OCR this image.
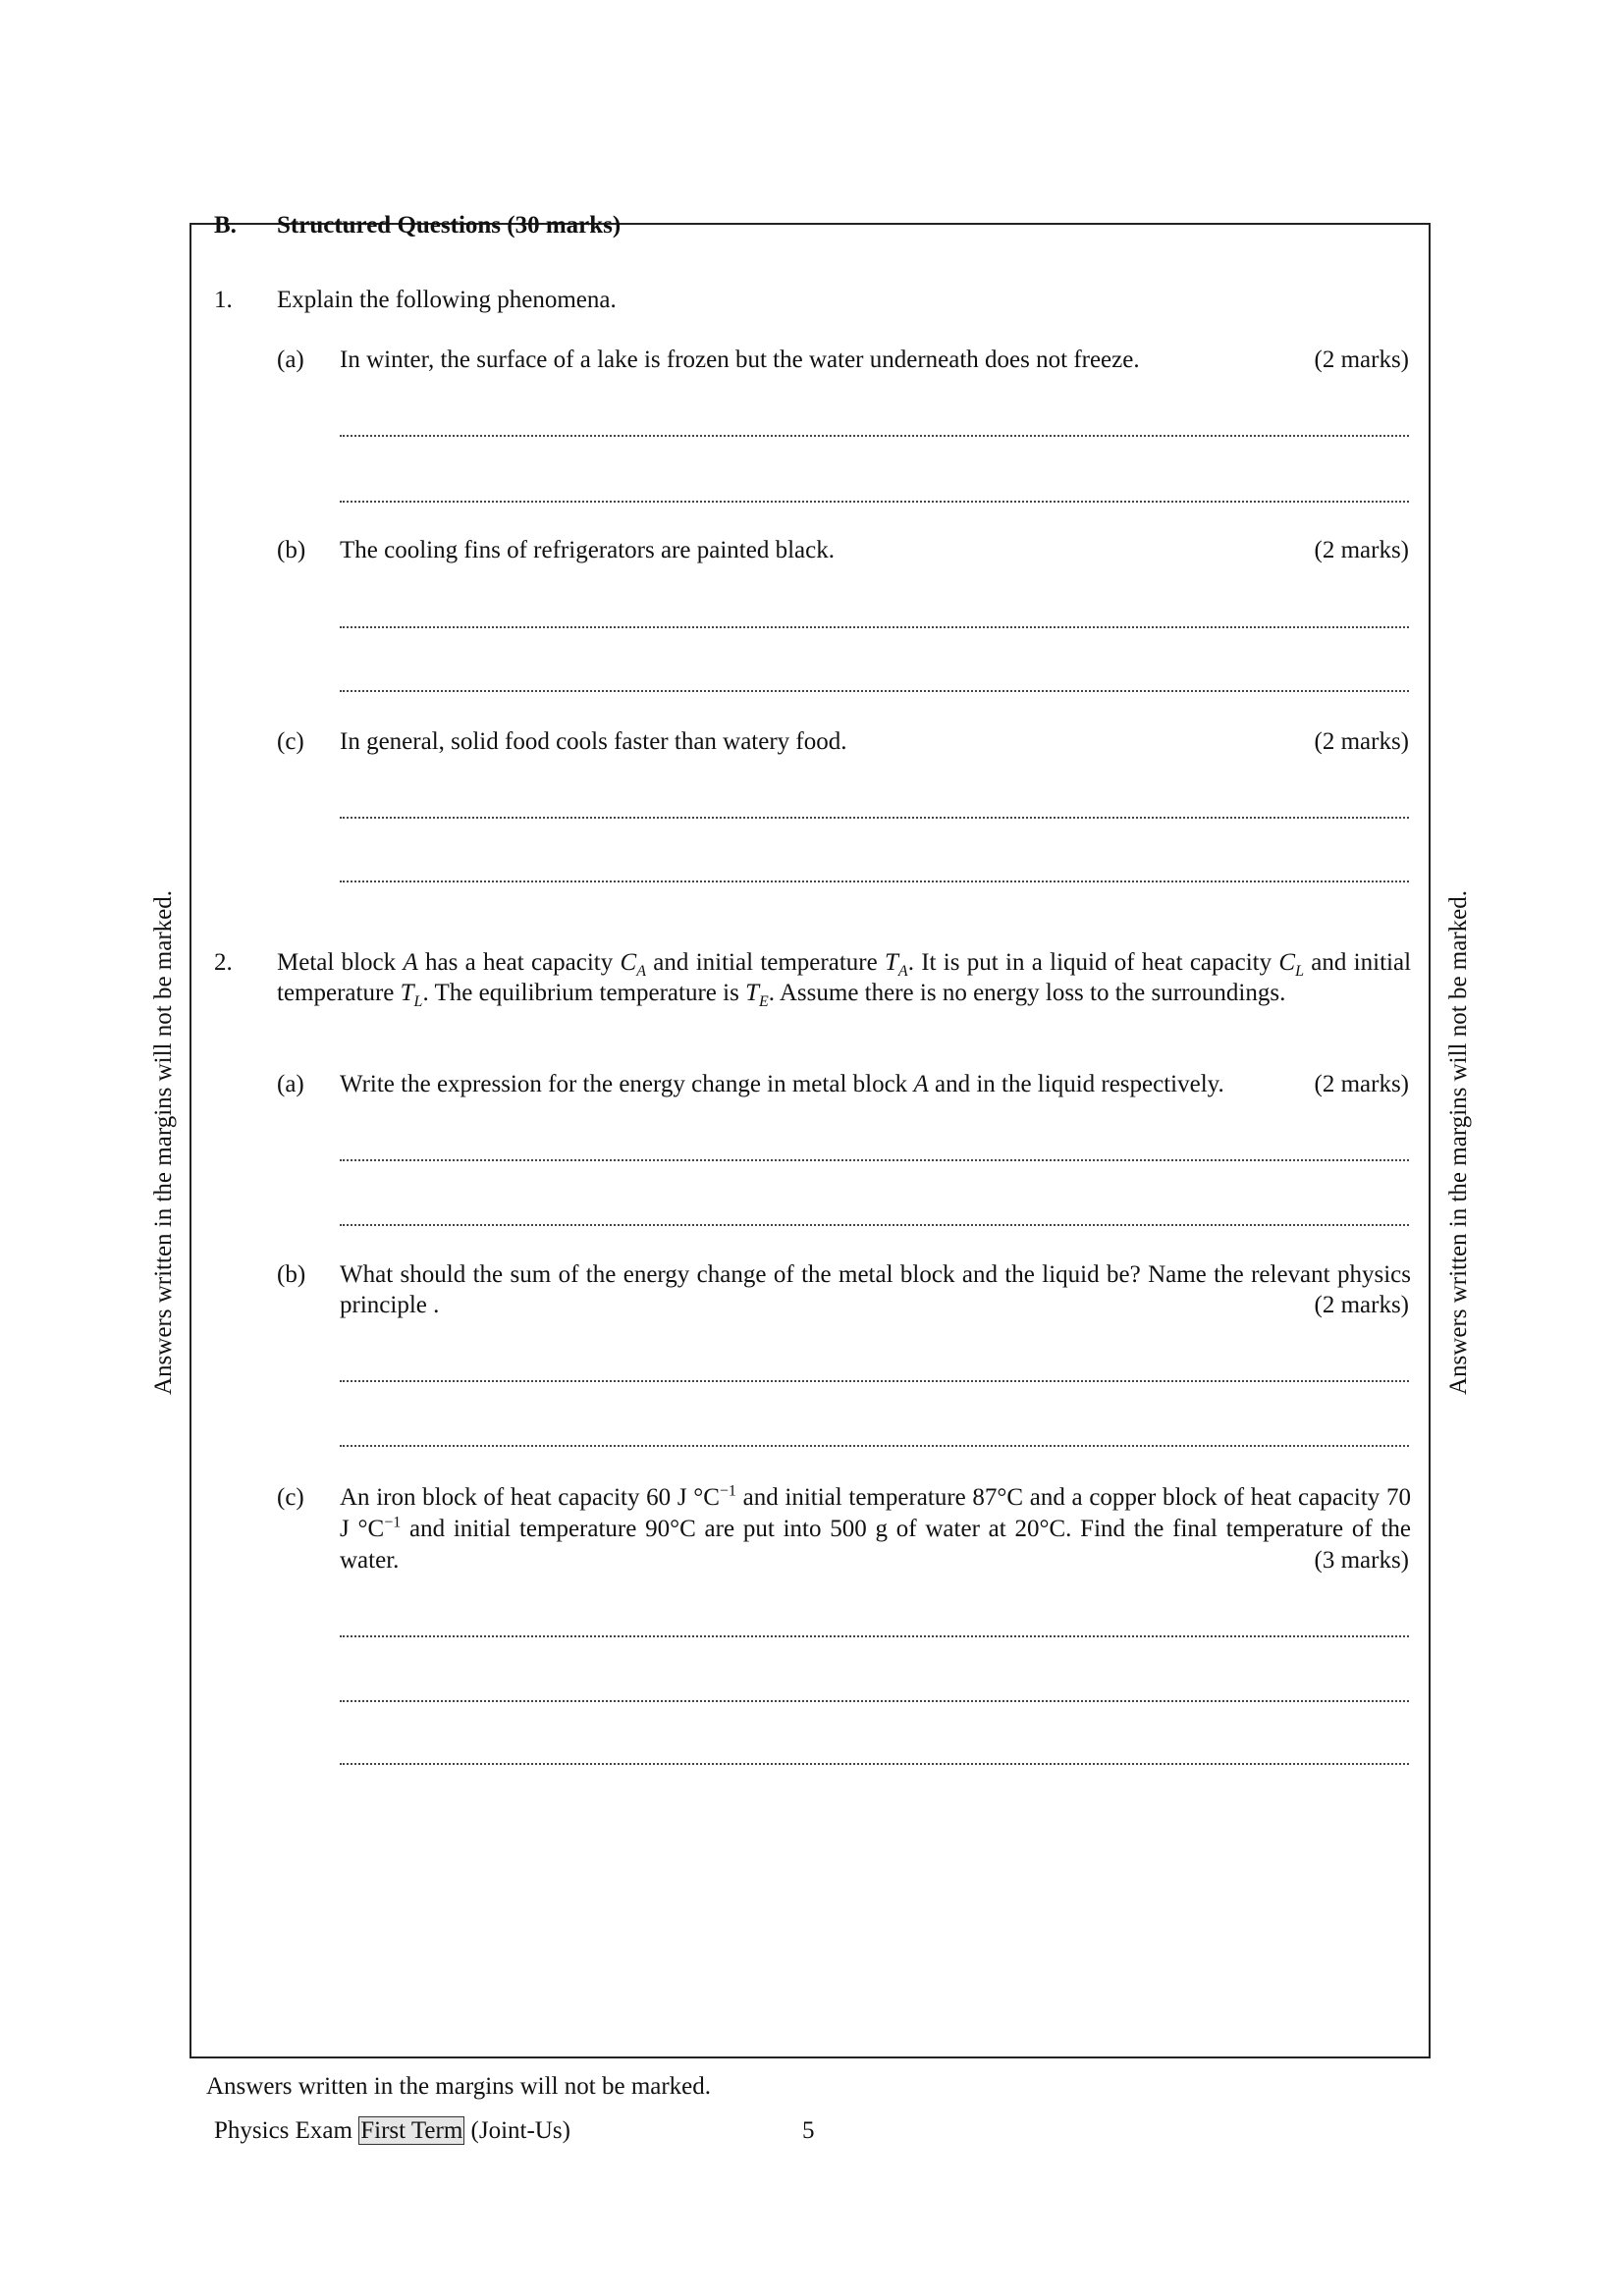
B. Structured Questions (30 marks)
1. Explain the following phenomena.
(a) In winter, the surface of a lake is frozen but the water underneath does not freeze.	(2 marks)
(b) The cooling fins of refrigerators are painted black.	(2 marks)
(c) In general, solid food cools faster than watery food.	(2 marks)
2. Metal block A has a heat capacity $C_A$ and initial temperature $T_A$. It is put in a liquid of heat capacity $C_L$ and initial temperature $T_L$. The equilibrium temperature is $T_E$. Assume there is no energy loss to the surroundings.
(a) Write the expression for the energy change in metal block A and in the liquid respectively.	(2 marks)
(b) What should the sum of the energy change of the metal block and the liquid be? Name the relevant physics principle .	(2 marks)
(c) An iron block of heat capacity 60 J $^\circ C^{-1}$ and initial temperature 87°C and a copper block of heat capacity 70 J $^\circ C^{-1}$ and initial temperature 90°C are put into 500 g of water at 20°C. Find the final temperature of the water.	(3 marks)
Answers written in the margins will not be marked.	Answers written in the margins will not be marked.
Answers written in the margins will not be marked.
Physics Exam First Term (Joint-Us)	5
